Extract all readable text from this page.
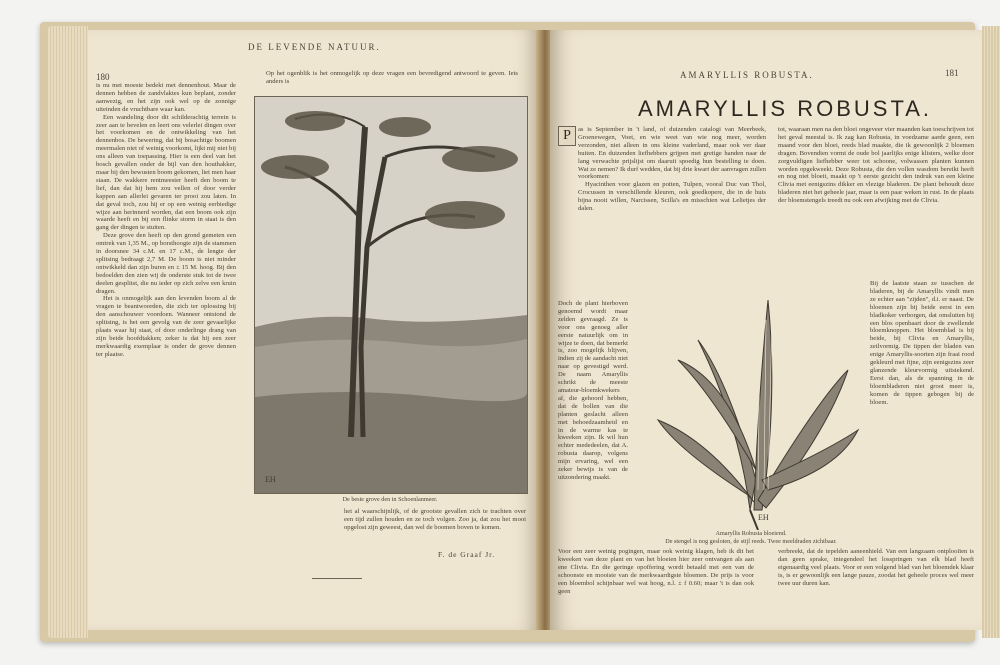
180
DE LEVENDE NATUUR.

is nu met moeste bedekt met dennenhout. Maar de dennen hebben de zandvlaktes kun beplant, zonder aanwezig, en het zijn ook wel op de zonnige uiteinden de vruchtbare waar kan.

Een wandeling door dit schilderachtig terrein is zeer aan te bevelen en leert ons velerlei dingen over het voorkomen en de ontwikkeling van het dennenbos. De bewering, dat bij bosachtige boomen meermalen niet of weinig voorkomt, lijkt mij niet bij ons alleen van toepassing. Hier is een deel van het bosch gevallen onder de bijl van den houthakker, maar bij den bewusten boom gekomen, liet men haar staan. De wakkere rentmeester heeft den boom te lief, dan dat hij hem zou vellen of door verder kappen aan allerlei gevaren ter prooi zou laten. In dat geval toch, zou hij er op een weinig eerbiedige wijze aan herinnerd worden, dat een boom ook zijn waarde heeft en bij een flinke storm in staat is den gang der dingen te stuiten.

Deze grove den heeft op den grond gemeten een omtrek van 1,35 M., op borsthoogte zijn de stammen in doorsnee 34 c.M. en 17 c.M., de lengte der splitsing bedraagt 2,7 M. De boom is niet minder ontwikkeld dan zijn buren en ± 15 M. hoog. Bij den bedoelden den zien wij de onderste stuk tot de twee deelen gesplitst, die nu ieder op zich zelve een kruin dragen.

Het is onmogelijk aan den levenden boom al de vragen te beantwoorden, die zich ter oplossing bij den aanschouwer voordoen. Wanneer ontstond de splitsing, is het een gevolg van de zeer gevaarlijke plaats waar hij staat, of door onderlinge drang van zijn beide hoofdtakken; zeker is dat hij een zeer merkwaardig exemplaar is onder de grove dennen ter plaatse.

Op het ogenblik is het onmogelijk op deze vragen een bevredigend antwoord te geven. Iets anders is

EH
De beste grove den in Schoenlanmeer.

het al waarschijnlijk, of de grootste gevallen zich te trachten over een tijd zullen houden en ze toch volgen. Zoo ja, dat zou het mooi opgelost zijn geweest, dan wel de boomen boven te komen.

F. de Graaf Jr.
AMARYLLIS ROBUSTA.	181
AMARYLLIS ROBUSTA.
P	as is September in 't land, of duizenden catalogi van Meerbeek, Groenewegen, Voet, en wie weet van wie nog meer, worden verzonden, niet alleen in ons kleine vaderland, maar ook ver daar buiten. En duizenden liefhebbers grijpen met gretige handen naar de lang verwachte prijslijst om daaruit spoedig hun bestelling te doen. Wat ze nemen? Ik durf wedden, dat bij drie kwart der aanvragen zullen voorkomen:

Hyacinthen voor glazen en potten, Tulpen, vooral Duc van Thol, Crocussen in verschillende kleuren, ook goedkopere, die in de huis bijna nooit willen, Narcissen, Scilla's en misschien wat Lelietjes der dalen.

Doch de plant hierboven genoemd wordt maar zelden gevraagd. Ze is voor ons genoeg aller eerste natuurlijk om in wijze te doen, dat bemerkt is, zoo mogelijk blijven, indien zij de aandacht niet naar op gevestigd werd. De naam Amaryllis schrikt de meeste amateur-bloemkwekers af, die gehoord hebben, dat de bollen van die planten geslacht alleen met behoedzaamheid en in de warme kas te kweeken zijn. Ik wil hun echter mededeelen, dat A. robusta daarop, volgens mijn ervaring, wel een zeker bewijs is van de uitzondering maakt.

tot, waaraan men na den bloei ongeveer vier maanden kan toeschrijven tot het geval meestal is. Ik zag kan Robusta, in voedzame aarde geen, een maand voor den bloei, reeds blad maakte, die ik gewoonlijk 2 bloemen dragen. Bovendien vormt de oude bol jaarlijks enige klisters, welke door zorgvuldigen liefhebber weer tot schoone, volwassen planten kunnen worden opgekweekt. Deze Robusta, die den vollen wasdom bereikt heeft en nog niet bloeit, maakt op 't eerste gezicht den indruk van een kleine Clivia met eenigszins dikker en vlezige bladeren. De plant behoudt deze bladeren niet het geheele jaar, maar is een paar weken in rust. In de plaats der bloemstengels treedt nu ook een afwijking met de Clivia.

Bij de laatste staan ze tusschen de bladeren, bij de Amaryllis vindt men ze echter aan "zijden", d.i. er naast. De bloemen zijn bij beide eerst in een bladkoker verborgen, dat omsluiten bij een blos openbaart door de zwellende bloemknoppen. Het bloemblad is bij beide, bij Clivia en Amaryllis, zeilvormig. De tippen der bladen van enige Amaryllis-soorten zijn fraai rood gekleurd met fijne, zijn eenigszins zeer glanzende kleurvormig uitstekend. Eerst dan, als de spanning in de bloembladeren niet groot meer is, komen de tippen gebogen bij de bloem.

EH
Amaryllis Robusta bloeiend.
De stengel is nog gesloten, de stijl reeds. Twee meeldraden zichtbaar.

Voor een zeer weinig pogingen, maar ook weinig klagen, heb ik dit het kweeken van deze plant en van het bloeien hier zeer ontvangen als aan ene Clivia. En die geringe opoffering wordt betaald met een van de schoonste en mooiste van de merkwaardigste bloemen. De prijs is voor een bloembol schijnbaar wel wat hoog, n.l. ± f 0.60; maar 't is dan ook geen

verbreekt, dat de tepelden aaneenhield. Van een langzaam ontplooiïen is dan geen sprake, integendeel het losspringen van elk blad heeft eigenaardig veel plaats. Voor er een volgend blad van het bloemdek klaar is, is er gewoonlijk een lange pauze, zoodat het geheele proces wel meer twee uur duren kan.
